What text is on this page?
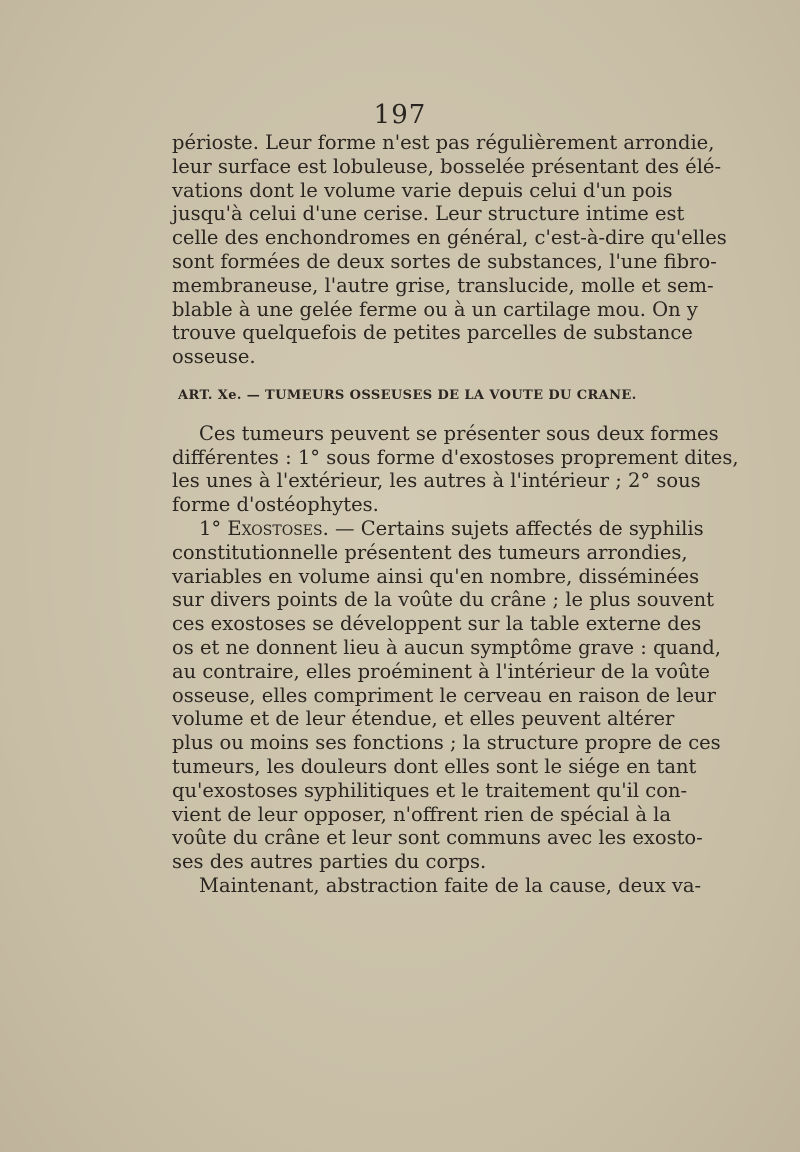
197
périoste. Leur forme n'est pas régulièrement arrondie,
leur surface est lobuleuse, bosselée présentant des élé-
vations dont le volume varie depuis celui d'un pois
jusqu'à celui d'une cerise. Leur structure intime est
celle des enchondromes en général, c'est-à-dire qu'elles
sont formées de deux sortes de substances, l'une fibro-
membraneuse, l'autre grise, translucide, molle et sem-
blable à une gelée ferme ou à un cartilage mou. On y
trouve quelquefois de petites parcelles de substance
osseuse.
ART. Xe. — TUMEURS OSSEUSES DE LA VOUTE DU CRANE.
Ces tumeurs peuvent se présenter sous deux formes
différentes : 1° sous forme d'exostoses proprement dites,
les unes à l'extérieur, les autres à l'intérieur ; 2° sous
forme d'ostéophytes.
1° Exostoses. — Certains sujets affectés de syphilis
constitutionnelle présentent des tumeurs arrondies,
variables en volume ainsi qu'en nombre, disséminées
sur divers points de la voûte du crâne ; le plus souvent
ces exostoses se développent sur la table externe des
os et ne donnent lieu à aucun symptôme grave : quand,
au contraire, elles proéminent à l'intérieur de la voûte
osseuse, elles compriment le cerveau en raison de leur
volume et de leur étendue, et elles peuvent altérer
plus ou moins ses fonctions ; la structure propre de ces
tumeurs, les douleurs dont elles sont le siége en tant
qu'exostoses syphilitiques et le traitement qu'il con-
vient de leur opposer, n'offrent rien de spécial à la
voûte du crâne et leur sont communs avec les exosto-
ses des autres parties du corps.
Maintenant, abstraction faite de la cause, deux va-
